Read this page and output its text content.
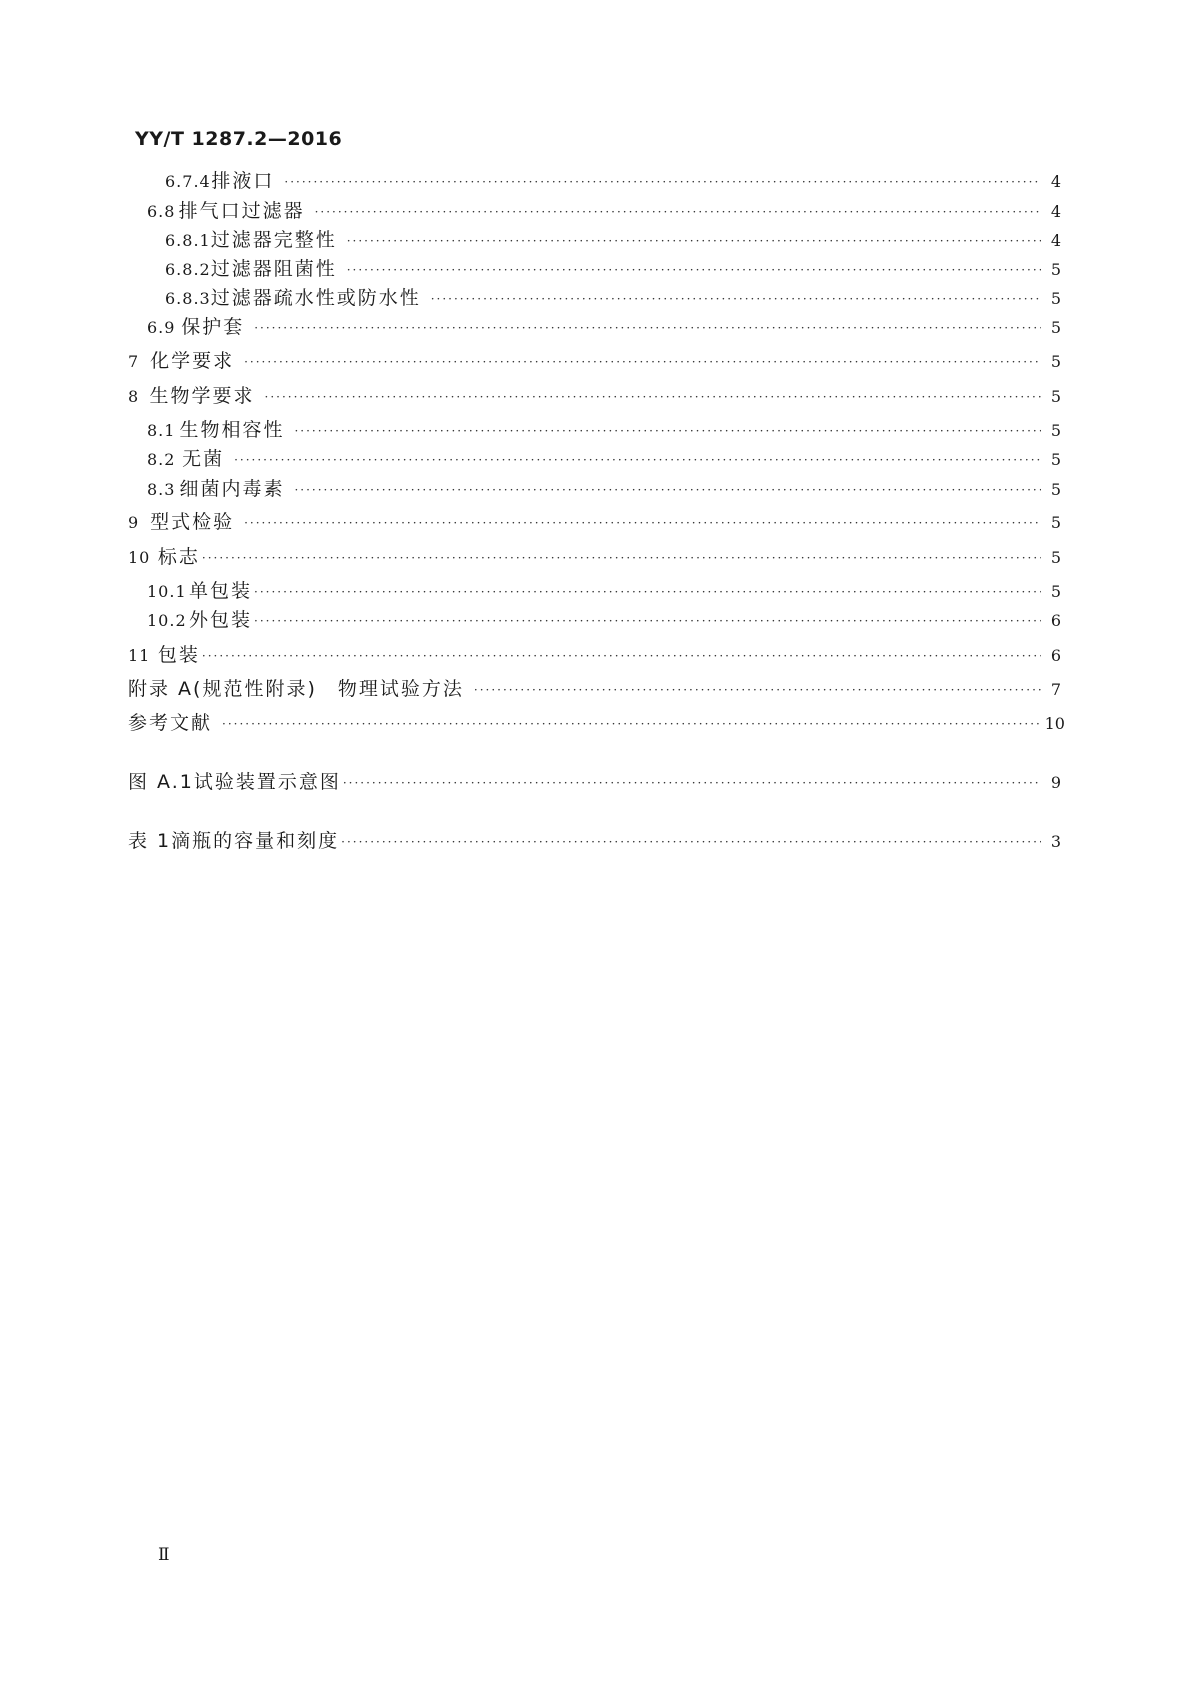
YY/T 1287.2—2016
6.7.4 排液口 ·····	4
6.8 排气口过滤器 ·····	4
6.8.1 过滤器完整性 ·····	4
6.8.2 过滤器阻菌性 ·····	5
6.8.3 过滤器疏水性或防水性 ·····	5
6.9 保护套 ·····	5
7 化学要求 ·····	5
8 生物学要求 ·····	5
8.1 生物相容性 ·····	5
8.2 无菌 ·····	5
8.3 细菌内毒素 ·····	5
9 型式检验 ·····	5
10 标志 ·····	5
10.1 单包装 ·····	5
10.2 外包装 ·····	6
11 包装 ·····	6
附录 A (规范性附录)　物理试验方法 ·····	7
参考文献 ·····	10
图 A.1 试验装置示意图 ·····	9
表 1 滴瓶的容量和刻度 ·····	3
Ⅱ
